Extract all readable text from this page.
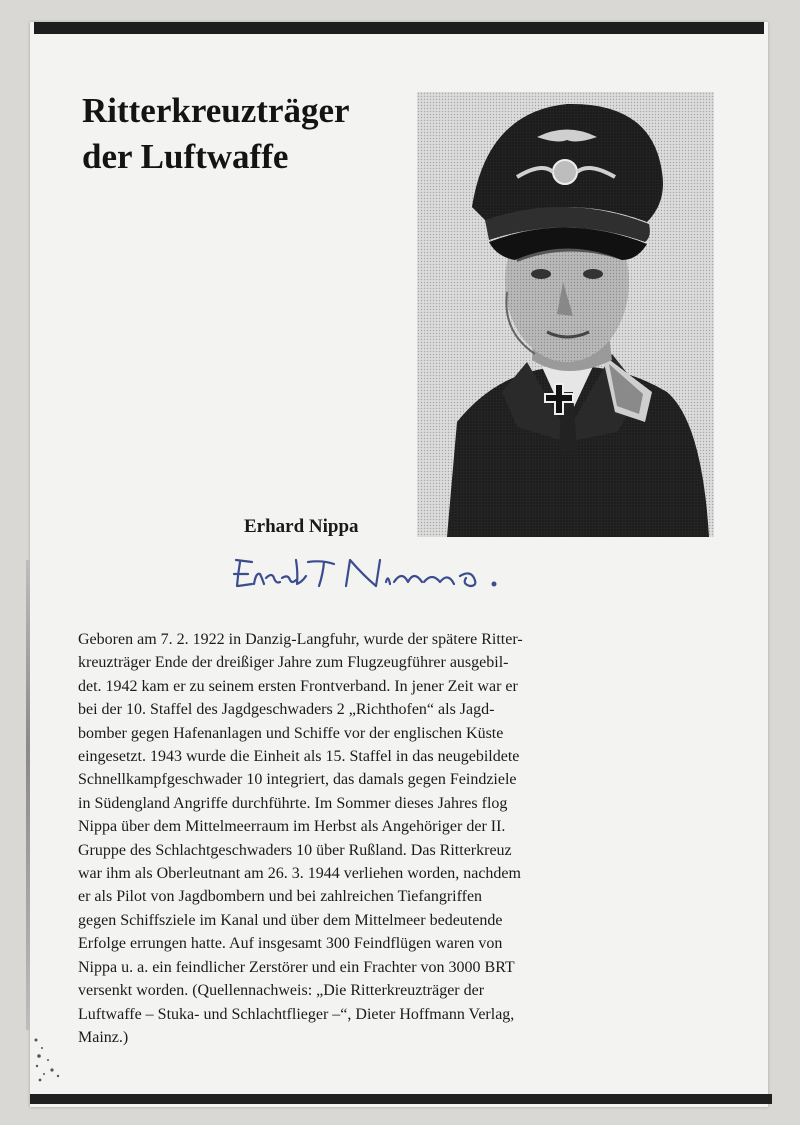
Ritterkreuzträger
der Luftwaffe
Erhard Nippa
Erhard Nippa.
Geboren am 7. 2. 1922 in Danzig-Langfuhr, wurde der spätere Ritter-
kreuzträger Ende der dreißiger Jahre zum Flugzeugführer ausgebil-
det. 1942 kam er zu seinem ersten Frontverband. In jener Zeit war er
bei der 10. Staffel des Jagdgeschwaders 2 „Richthofen“ als Jagd-
bomber gegen Hafenanlagen und Schiffe vor der englischen Küste
eingesetzt. 1943 wurde die Einheit als 15. Staffel in das neugebildete
Schnellkampfgeschwader 10 integriert, das damals gegen Feindziele
in Südengland Angriffe durchführte. Im Sommer dieses Jahres flog
Nippa über dem Mittelmeerraum im Herbst als Angehöriger der II.
Gruppe des Schlachtgeschwaders 10 über Rußland. Das Ritterkreuz
war ihm als Oberleutnant am 26. 3. 1944 verliehen worden, nachdem
er als Pilot von Jagdbombern und bei zahlreichen Tiefangriffen
gegen Schiffsziele im Kanal und über dem Mittelmeer bedeutende
Erfolge errungen hatte. Auf insgesamt 300 Feindflügen waren von
Nippa u. a. ein feindlicher Zerstörer und ein Frachter von 3000 BRT
versenkt worden. (Quellennachweis: „Die Ritterkreuzträger der
Luftwaffe – Stuka- und Schlachtflieger –“, Dieter Hoffmann Verlag,
Mainz.)
